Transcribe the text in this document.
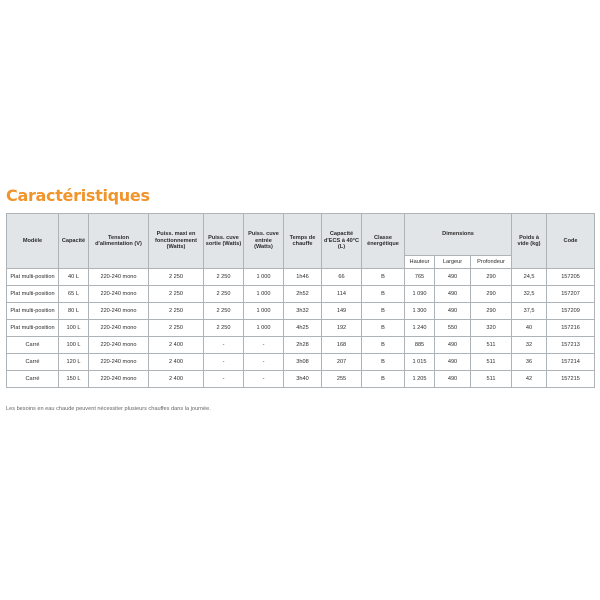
Caractéristiques
Modèle	Capacité	Tension d'alimentation (V)	Puiss. maxi en fonctionnement (Watts)	Puiss. cuve sortie (Watts)	Puiss. cuve entrée (Watts)	Temps de chauffe	Capacité d'ECS à 40°C (L)	Classe énergétique	Dimensions			Poids à vide (kg)	Code
									Hauteur	Largeur	Profondeur		
Plat multi-position	40 L	220-240 mono	2 250	2 250	1 000	1h46	66	B	765	490	290	24,5	157205
Plat multi-position	65 L	220-240 mono	2 250	2 250	1 000	2h52	114	B	1 090	490	290	32,5	157207
Plat multi-position	80 L	220-240 mono	2 250	2 250	1 000	3h32	149	B	1 300	490	290	37,5	157209
Plat multi-position	100 L	220-240 mono	2 250	2 250	1 000	4h25	192	B	1 240	550	320	40	157216
Carré	100 L	220-240 mono	2 400	-	-	2h28	168	B	885	490	511	32	157213
Carré	120 L	220-240 mono	2 400	-	-	3h08	207	B	1 015	490	511	36	157214
Carré	150 L	220-240 mono	2 400	-	-	3h40	255	B	1 205	490	511	42	157215

Les besoins en eau chaude peuvent nécessiter plusieurs chauffes dans la journée.
